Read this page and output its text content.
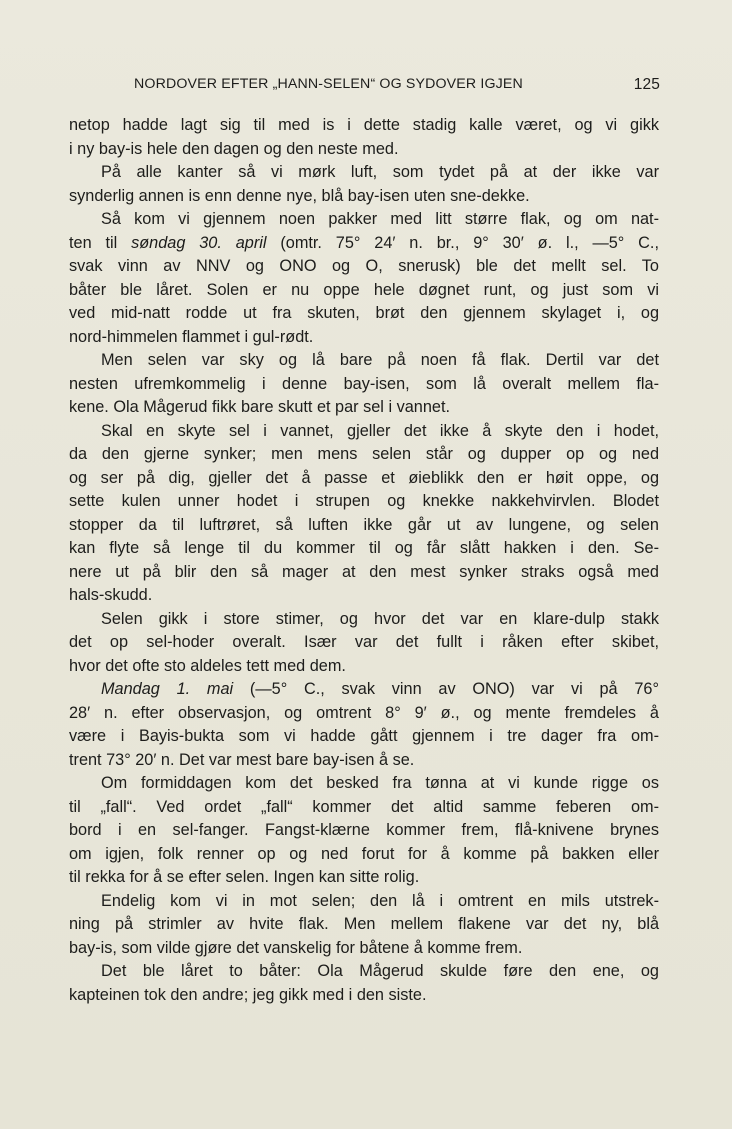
NORDOVER EFTER „HANN-SELEN“ OG SYDOVER IGJEN	125
netop hadde lagt sig til med is i dette stadig kalle været, og vi gikk
i ny bay-is hele den dagen og den neste med.
På alle kanter så vi mørk luft, som tydet på at der ikke var
synderlig annen is enn denne nye, blå bay-isen uten sne-dekke.
Så kom vi gjennem noen pakker med litt større flak, og om nat-
ten til søndag 30. april (omtr. 75° 24′ n. br., 9° 30′ ø. l., —5° C.,
svak vinn av NNV og ONO og O, snerusk) ble det mellt sel. To
båter ble låret. Solen er nu oppe hele døgnet runt, og just som vi
ved mid-natt rodde ut fra skuten, brøt den gjennem skylaget i, og
nord-himmelen flammet i gul-rødt.
Men selen var sky og lå bare på noen få flak. Dertil var det
nesten ufremkommelig i denne bay-isen, som lå overalt mellem fla-
kene. Ola Mågerud fikk bare skutt et par sel i vannet.
Skal en skyte sel i vannet, gjeller det ikke å skyte den i hodet,
da den gjerne synker; men mens selen står og dupper op og ned
og ser på dig, gjeller det å passe et øieblikk den er høit oppe, og
sette kulen unner hodet i strupen og knekke nakkehvirvlen. Blodet
stopper da til luftrøret, så luften ikke går ut av lungene, og selen
kan flyte så lenge til du kommer til og får slått hakken i den. Se-
nere ut på blir den så mager at den mest synker straks også med
hals-skudd.
Selen gikk i store stimer, og hvor det var en klare-dulp stakk
det op sel-hoder overalt. Især var det fullt i råken efter skibet,
hvor det ofte sto aldeles tett med dem.
Mandag 1. mai (—5° C., svak vinn av ONO) var vi på 76°
28′ n. efter observasjon, og omtrent 8° 9′ ø., og mente fremdeles å
være i Bayis-bukta som vi hadde gått gjennem i tre dager fra om-
trent 73° 20′ n. Det var mest bare bay-isen å se.
Om formiddagen kom det besked fra tønna at vi kunde rigge os
til „fall“. Ved ordet „fall“ kommer det altid samme feberen om-
bord i en sel-fanger. Fangst-klærne kommer frem, flå-knivene brynes
om igjen, folk renner op og ned forut for å komme på bakken eller
til rekka for å se efter selen. Ingen kan sitte rolig.
Endelig kom vi in mot selen; den lå i omtrent en mils utstrek-
ning på strimler av hvite flak. Men mellem flakene var det ny, blå
bay-is, som vilde gjøre det vanskelig for båtene å komme frem.
Det ble låret to båter: Ola Mågerud skulde føre den ene, og
kapteinen tok den andre; jeg gikk med i den siste.
